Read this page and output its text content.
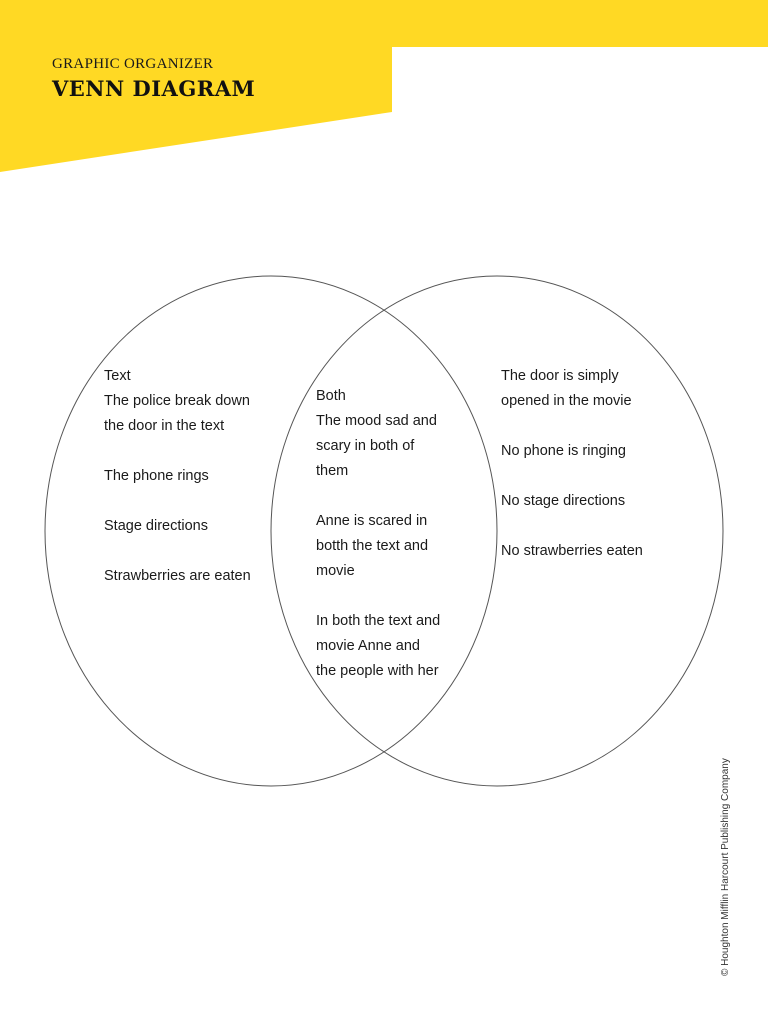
GRAPHIC ORGANIZER
VENN DIAGRAM
Text
The police break down
the door in the text
The phone rings
Stage directions
Strawberries are eaten
Both
The mood sad and
scary in both of
them
Anne is scared in
botth the text and
movie
In both the text and
movie Anne and
the people with her
The door is simply
opened in the movie
No phone is ringing
No stage directions
No strawberries eaten
© Houghton Mifflin Harcourt Publishing Company
